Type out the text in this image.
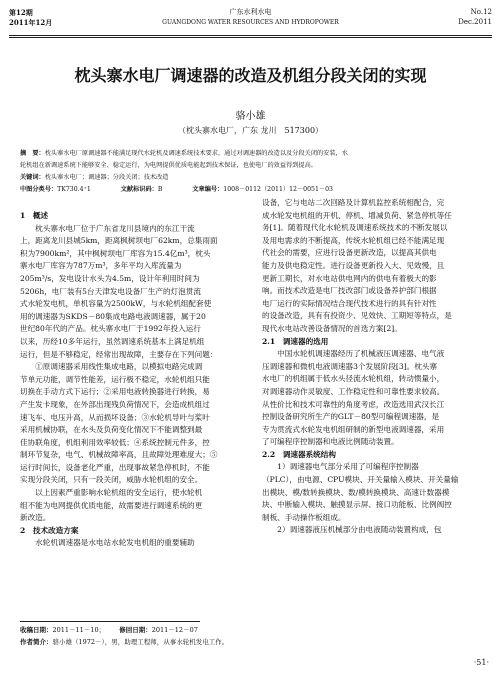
第12期
2011年12月
广东水利水电
GUANGDONG WATER RESOURCES AND HYDROPOWER
No.12
Dec.2011
枕头寨水电厂调速器的改造及机组分段关闭的实现
骆小雄
（枕头寨水电厂，广东 龙川　517300）
摘　要：枕头寨水电厂原调速器不能满足现代水轮机及调速系统技术要求，通过对调速器的改造以及分段关闭的安装，水
轮机组在新调速系统下能够安全、稳定运行，为电网提供优质电能起到技术保证，也使电厂的效益得到提高。
关键词：枕头寨水电厂；调速器；分段关闭；技术改造
中图分类号：TK730.4⁺1	文献标识码：B	文章编号：1008－0112（2011）12－0051－03

1　概述

　　枕头寨水电厂位于广东省龙川县境内的东江干流

上，距离龙川县城5km，距离枫树坝电厂62km，总集雨面

积为7900km²，其中枫树坝电厂库容为15.4亿m³，枕头

寨水电厂库容为787万m³，多年平均入库流量为

205m³/s，发电设计水头为4.5m，设计年利用时间为

5206h，电厂装有5台天津发电设备厂生产的灯泡贯流

式水轮发电机，单机容量为2500kW，与水轮机组配套使

用的调速器为SKDS－80集成电路电液调速器，属于20

世纪80年代的产品。枕头寨水电厂于1992年投入运行

以来，历经10多年运行，虽然调速系统基本上满足机组

运行，但是不够稳定，经常出现故障，主要存在下列问题：

　　①原调速器采用线性集成电路，以模拟电路完成调

节单元功能，调节性能差，运行极不稳定，水轮机组只能

切换在手动方式下运行；②采用电液转换器进行转换，易

产生发卡现象，在外部出现残负荷情况下，会造成机组过

速飞车、电压升高，从而损坏设备；③水轮机导叶与桨叶

采用机械协联，在水头及负荷变化情况下不能调整到最

佳协联角度，机组利用效率较低；④系统控制元件多，控

制环节复杂，电气、机械故障率高，且故障处理难度大；⑤

运行时间长，设备老化严重，出现事故紧急停机时，不能

实现分段关闭，只有一段关闭，威胁水轮机组的安全。

　　以上因素严重影响水轮机组的安全运行，使水轮机

组不能为电网提供优质电能，故需要进行调速系统的更

新改造。

2　技术改造方案

　　水轮机调速器是水电站水轮发电机组的重要辅助

设备，它与电站二次回路及计算机监控系统相配合，完

成水轮发电机组的开机、停机、增减负荷、紧急停机等任

务[1]。随着现代化水轮机及调速系统技术的不断发展以

及用电需求的不断提高，传统水轮机组已经不能满足现

代社会的需要，应进行设备更新改造，以提高其供电

能力及供电稳定性。进行设备更新投入大、见效慢，且

更新工期长，对水电站供电网内的供电有着极大的影

响。而技术改造是电厂技改部门或设备养护部门根据

电厂运行的实际情况结合现代技术进行的具有针对性

的设备改造，具有有投资少、见效快、工期短等特点，是

现代水电站改善设备情况的首选方案[2]。

2.1　调速器的选用

　　中国水轮机调速器经历了机械液压调速器、电气液

压调速器和微机电液调速器3个发展阶段[3]。枕头寨

水电厂的机组属于低水头径流水轮机组，转动惯量小，

对调速器动作灵敏度、工作稳定性和可靠性要求较高。

从性价比和技术可靠性的角度考虑，改造选用武汉长江

控制设备研究所生产的GLT－80型可编程调速器，是

专为贯流式水轮发电机组研制的新型电液调速器，采用

了可编程序控制器和电液比例随动装置。

2.2　调速器系统结构

　　1）调速器电气部分采用了可编程序控制器

（PLC），由电源、CPU模块、开关量输入模块、开关量输

出模块、模/数转换模块、数/模转换模块、高速计数器模

块、中断输入模块、触摸显示屏、接口功能板、比例阀控

制板、手动操作板组成。

　　2）调速器液压机械部分由电液随动装置构成，包

收稿日期：2011－11－10； 修回日期：2011－12－07
作者简介：骆小雄（1972－），男，助理工程师，从事水轮机发电工作。
·51·
